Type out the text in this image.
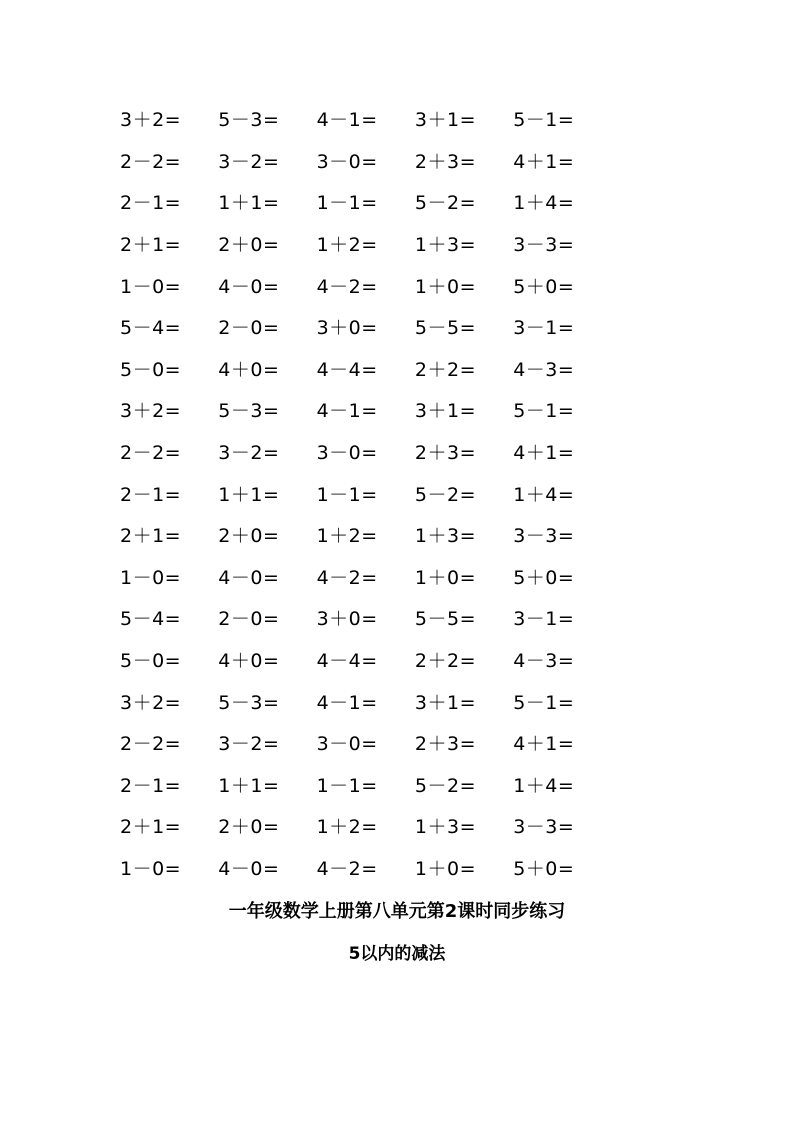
3＋2=	5－3=	4－1=	3＋1=	5－1=
2－2=	3－2=	3－0=	2＋3=	4＋1=
2－1=	1＋1=	1－1=	5－2=	1＋4=
2＋1=	2＋0=	1＋2=	1＋3=	3－3=
1－0=	4－0=	4－2=	1＋0=	5＋0=
5－4=	2－0=	3＋0=	5－5=	3－1=
5－0=	4＋0=	4－4=	2＋2=	4－3=
3＋2=	5－3=	4－1=	3＋1=	5－1=
2－2=	3－2=	3－0=	2＋3=	4＋1=
2－1=	1＋1=	1－1=	5－2=	1＋4=
2＋1=	2＋0=	1＋2=	1＋3=	3－3=
1－0=	4－0=	4－2=	1＋0=	5＋0=
5－4=	2－0=	3＋0=	5－5=	3－1=
5－0=	4＋0=	4－4=	2＋2=	4－3=
3＋2=	5－3=	4－1=	3＋1=	5－1=
2－2=	3－2=	3－0=	2＋3=	4＋1=
2－1=	1＋1=	1－1=	5－2=	1＋4=
2＋1=	2＋0=	1＋2=	1＋3=	3－3=
1－0=	4－0=	4－2=	1＋0=	5＋0=
一年级数学上册第八单元第2课时同步练习
5以内的减法
